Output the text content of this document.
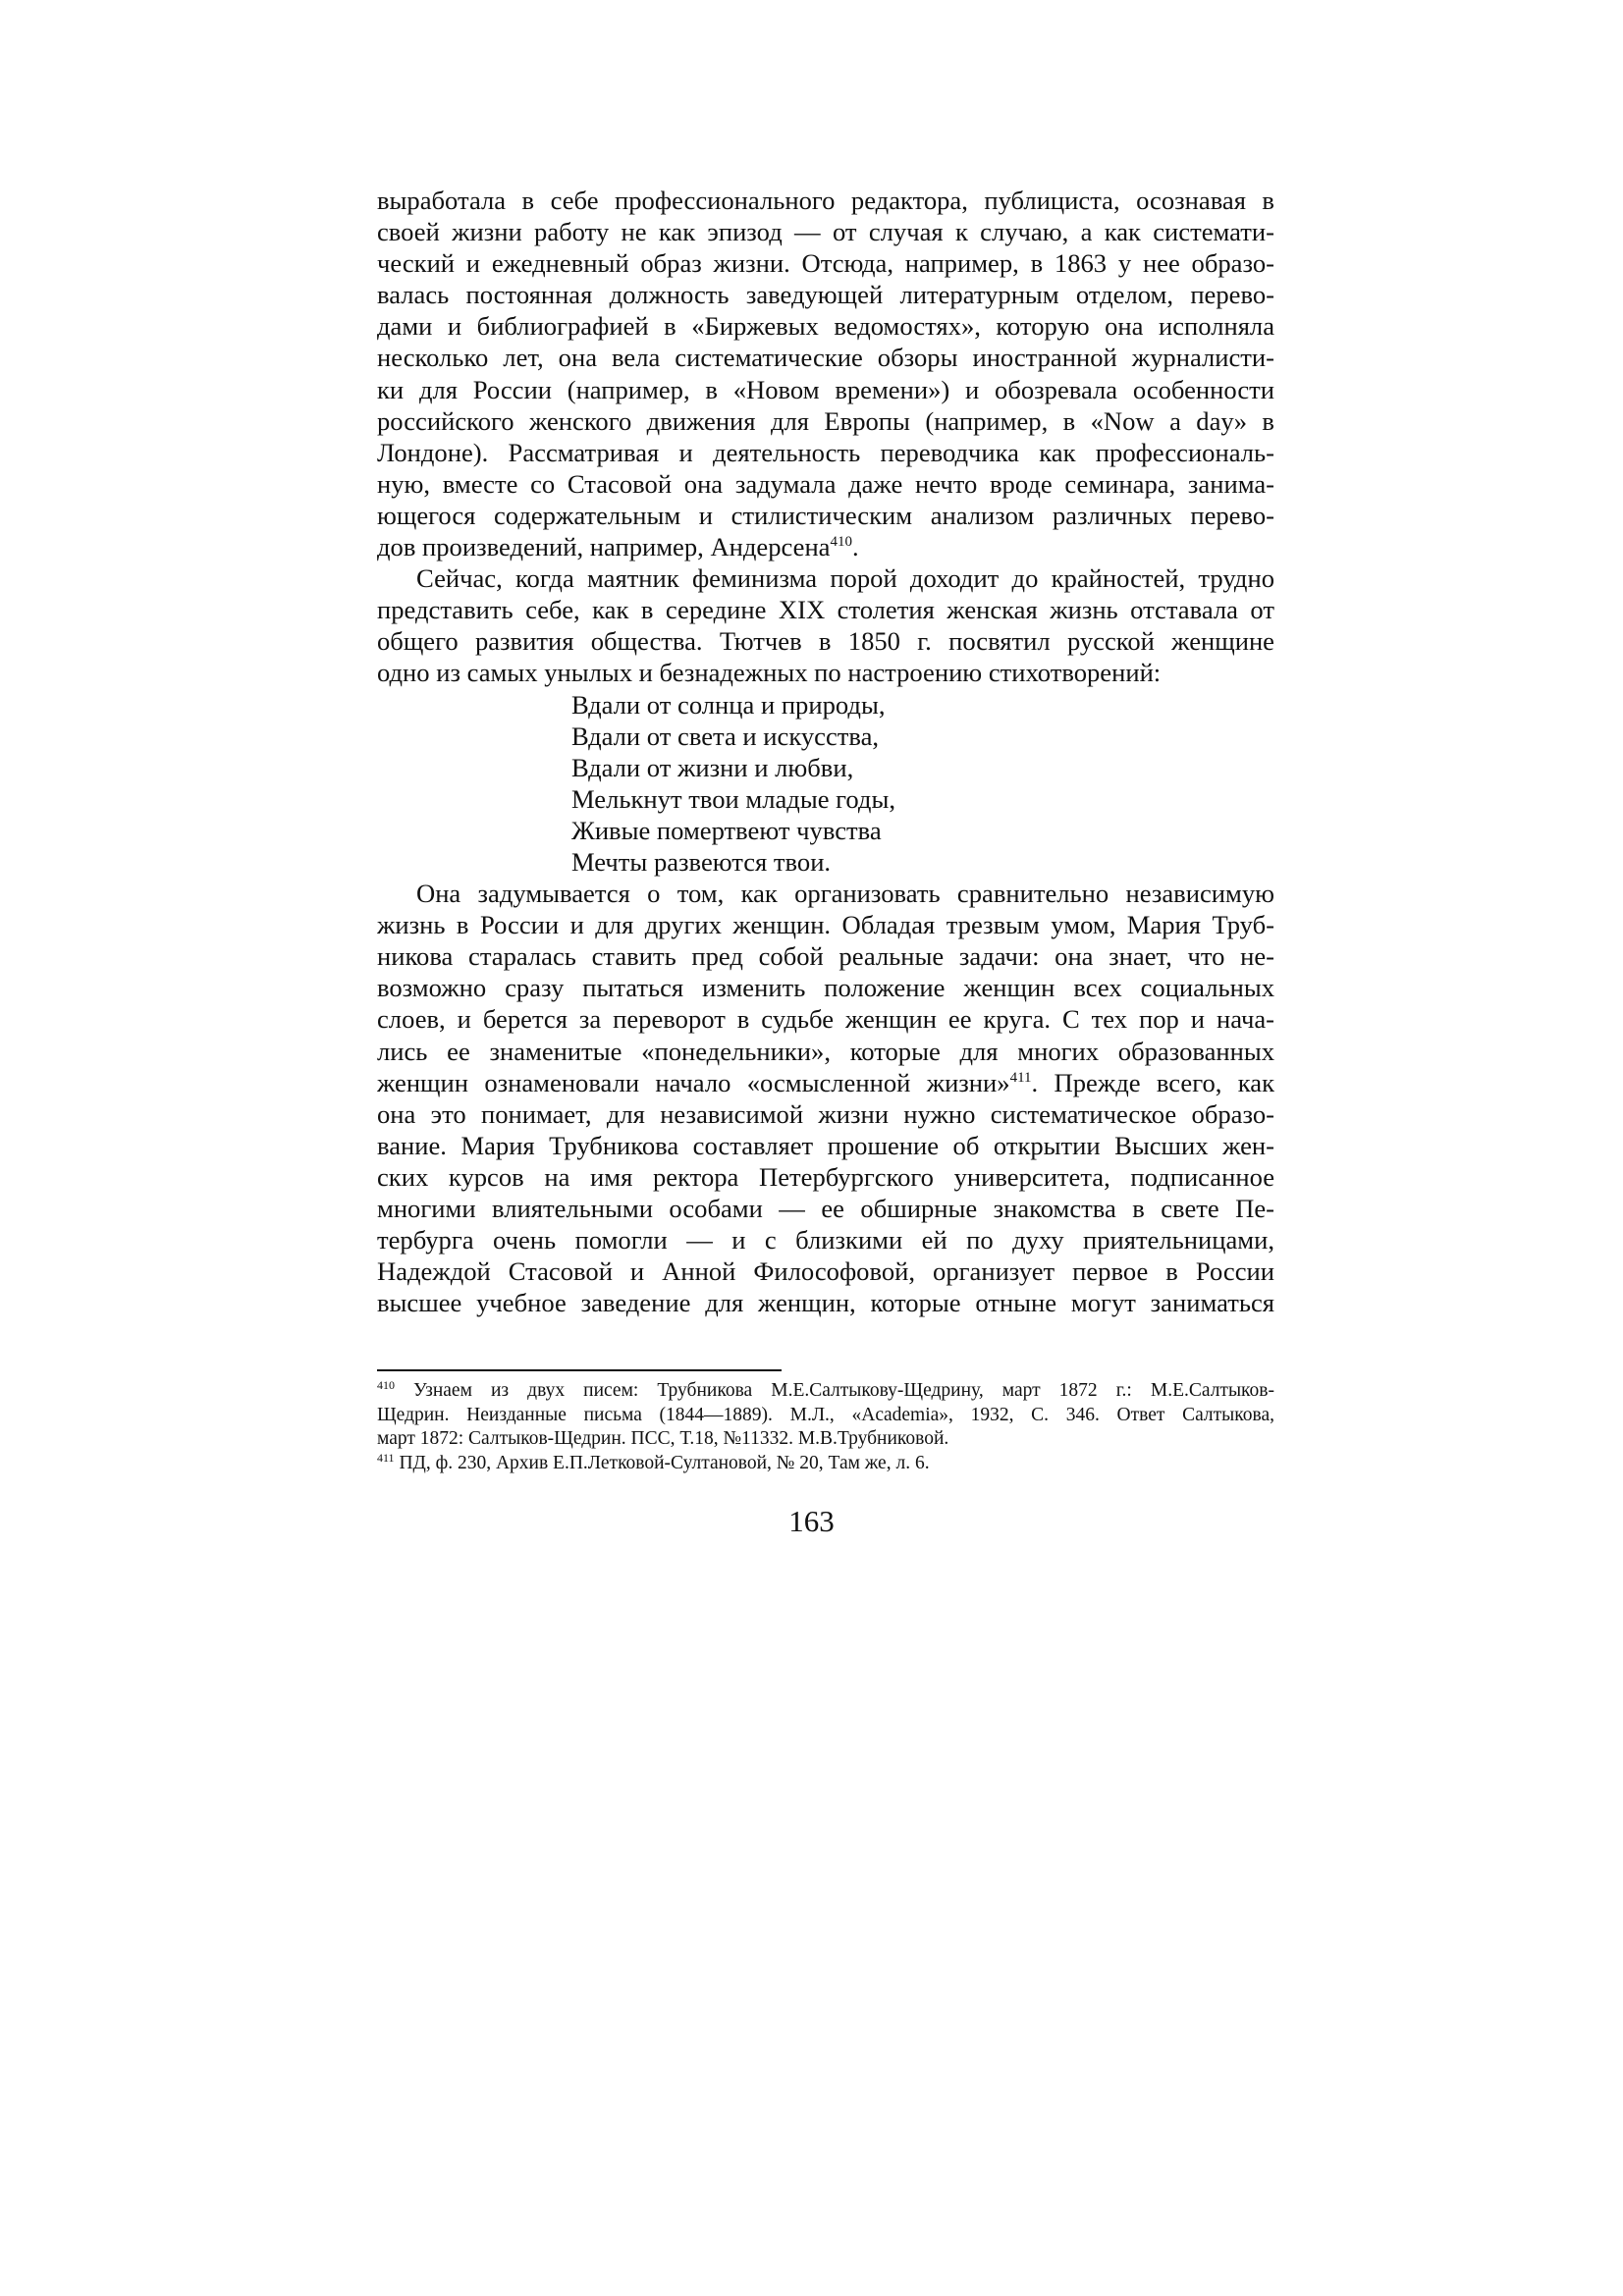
выработала в себе профессионального редактора, публициста, осознавая в
своей жизни работу не как эпизод — от случая к случаю, а как системати-
ческий и ежедневный образ жизни. Отсюда, например, в 1863 у нее образо-
валась постоянная должность заведующей литературным отделом, перево-
дами и библиографией в «Биржевых ведомостях», которую она исполняла
несколько лет, она вела систематические обзоры иностранной журналисти-
ки для России (например, в «Новом времени») и обозревала особенности
российского женского движения для Европы (например, в «Now a day» в
Лондоне). Рассматривая и деятельность переводчика как профессиональ-
ную, вместе со Стасовой она задумала даже нечто вроде семинара, занима-
ющегося содержательным и стилистическим анализом различных перево-
дов произведений, например, Андерсена$^{410}$.
Сейчас, когда маятник феминизма порой доходит до крайностей, трудно
представить себе, как в середине XIX столетия женская жизнь отставала от
общего развития общества. Тютчев в 1850 г. посвятил русской женщине
одно из самых унылых и безнадежных по настроению стихотворений:
Вдали от солнца и природы,
Вдали от света и искусства,
Вдали от жизни и любви,
Мелькнут твои младые годы,
Живые помертвеют чувства
Мечты развеются твои.
Она задумывается о том, как организовать сравнительно независимую
жизнь в России и для других женщин. Обладая трезвым умом, Мария Труб-
никова старалась ставить пред собой реальные задачи: она знает, что не-
возможно сразу пытаться изменить положение женщин всех социальных
слоев, и берется за переворот в судьбе женщин ее круга. С тех пор и нача-
лись ее знаменитые «понедельники», которые для многих образованных
женщин ознаменовали начало «осмысленной жизни»$^{411}$. Прежде всего, как
она это понимает, для независимой жизни нужно систематическое образо-
вание. Мария Трубникова составляет прошение об открытии Высших жен-
ских курсов на имя ректора Петербургского университета, подписанное
многими влиятельными особами — ее обширные знакомства в свете Пе-
тербурга очень помогли — и с близкими ей по духу приятельницами,
Надеждой Стасовой и Анной Философовой, организует первое в России
высшее учебное заведение для женщин, которые отныне могут заниматься
$^{410}$ Узнаем из двух писем: Трубникова М.Е.Салтыкову-Щедрину, март 1872 г.: М.Е.Салтыков-
Щедрин. Неизданные письма (1844—1889). М.Л., «Academia», 1932, С. 346. Ответ Салтыкова,
март 1872: Салтыков-Щедрин. ПСС, Т.18, №11332. М.В.Трубниковой.
$^{411}$ ПД, ф. 230, Архив Е.П.Летковой-Султановой, № 20, Там же, л. 6.
163
